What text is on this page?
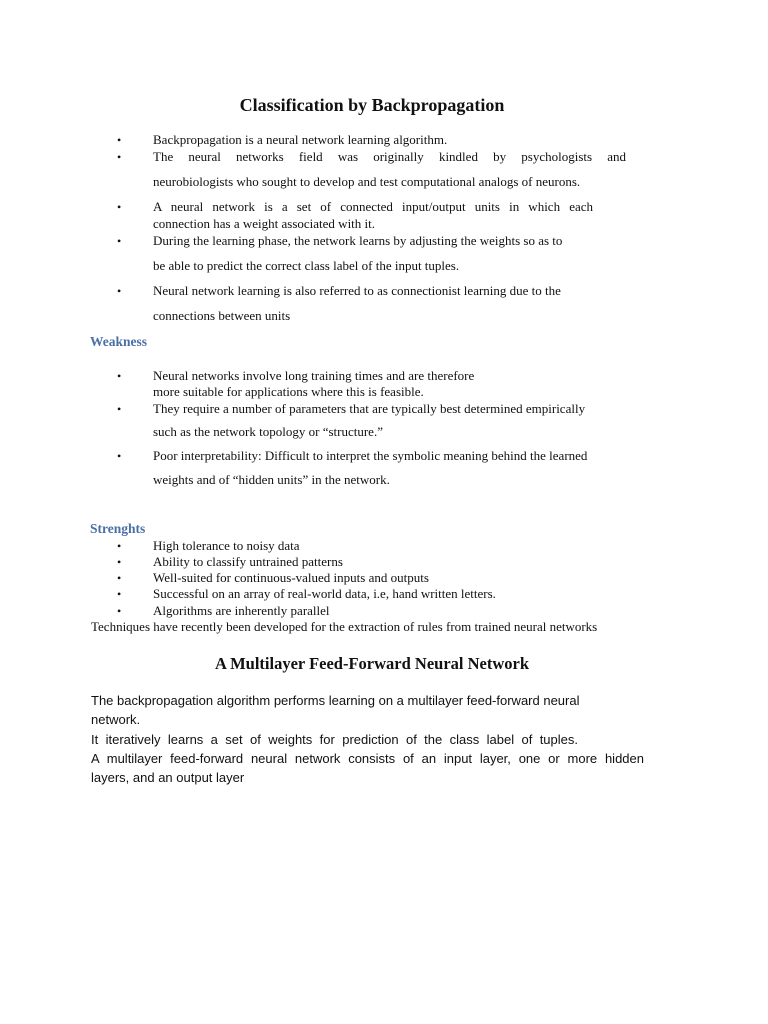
Classification by Backpropagation
• Backpropagation is a neural network learning algorithm.
• The neural networks field was originally kindled by psychologists and
neurobiologists who sought to develop and test computational analogs of neurons.
• A neural network is a set of connected input/output units in which each
connection has a weight associated with it.
• During the learning phase, the network learns by adjusting the weights so as to
be able to predict the correct class label of the input tuples.
• Neural network learning is also referred to as connectionist learning due to the
connections between units
Weakness
• Neural networks involve long training times and are therefore
more suitable for applications where this is feasible.
• They require a number of parameters that are typically best determined empirically
such as the network topology or “structure.”
• Poor interpretability: Difficult to interpret the symbolic meaning behind the learned
weights and of “hidden units” in the network.
Strenghts
• High tolerance to noisy data
• Ability to classify untrained patterns
• Well-suited for continuous-valued inputs and outputs
• Successful on an array of real-world data, i.e, hand written letters.
• Algorithms are inherently parallel
Techniques have recently been developed for the extraction of rules from trained neural networks
A Multilayer Feed-Forward Neural Network
The backpropagation algorithm performs learning on a multilayer feed-forward neural
network.
It iteratively learns a set of weights for prediction of the class label of tuples.
A multilayer feed-forward neural network consists of an input layer, one or more hidden
layers, and an output layer
